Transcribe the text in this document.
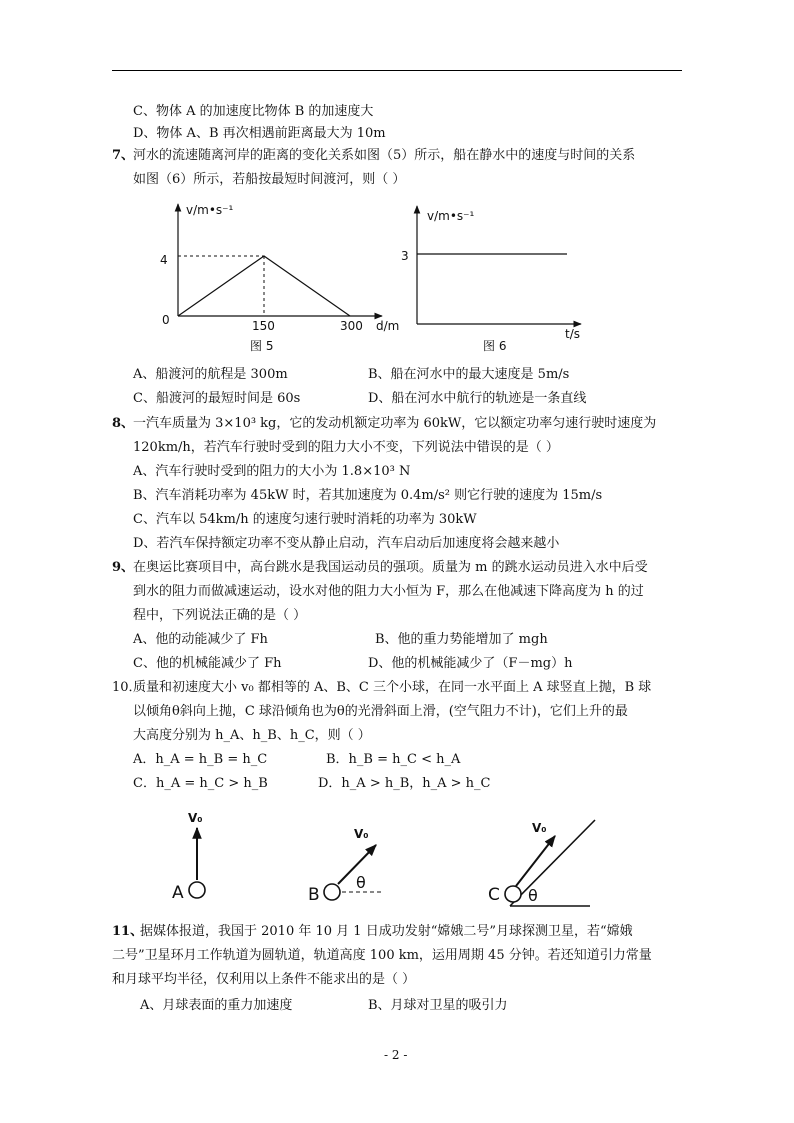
C、物体 A 的加速度比物体 B 的加速度大
D、物体 A、B 再次相遇前距离最大为 10m
7、
河水的流速随离河岸的距离的变化关系如图（5）所示，船在静水中的速度与时间的关系
如图（6）所示，若船按最短时间渡河，则（ ）
v/m•s⁻¹
4
0	150	300 d/m
图 5
v/m•s⁻¹
3
t/s
图 6
A、船渡河的航程是 300m	B、船在河水中的最大速度是 5m/s
C、船渡河的最短时间是 60s	D、船在河水中航行的轨迹是一条直线
8、
一汽车质量为 3×10³ kg，它的发动机额定功率为 60kW，它以额定功率匀速行驶时速度为
120km/h，若汽车行驶时受到的阻力大小不变，下列说法中错误的是（ ）
A、汽车行驶时受到的阻力的大小为 1.8×10³ N
B、汽车消耗功率为 45kW 时，若其加速度为 0.4m/s² 则它行驶的速度为 15m/s
C、汽车以 54km/h 的速度匀速行驶时消耗的功率为 30kW
D、若汽车保持额定功率不变从静止启动，汽车启动后加速度将会越来越小
9、
在奥运比赛项目中，高台跳水是我国运动员的强项。质量为 m 的跳水运动员进入水中后受
到水的阻力而做减速运动，设水对他的阻力大小恒为 F，那么在他减速下降高度为 h 的过
程中，下列说法正确的是（ ）
A、他的动能减少了 Fh	B、他的重力势能增加了 mgh
C、他的机械能减少了 Fh	D、他的机械能减少了（F－mg）h
10．
质量和初速度大小 v₀ 都相等的 A、B、C 三个小球，在同一水平面上 A 球竖直上抛，B 球
以倾角θ斜向上抛，C 球沿倾角也为θ的光滑斜面上滑，(空气阻力不计)，它们上升的最
大高度分别为 h_A、h_B、h_C，则（ ）
A．h_A = h_B = h_C	B．h_B = h_C < h_A
C．h_A = h_C > h_B	D．h_A > h_B，h_A > h_C
V₀
A
V₀
θ
B
V₀
θ
C
11、
据媒体报道，我国于 2010 年 10 月 1 日成功发射“嫦娥二号”月球探测卫星，若“嫦娥
二号”卫星环月工作轨道为圆轨道，轨道高度 100 km，运用周期 45 分钟。若还知道引力常量
和月球平均半径，仅利用以上条件不能求出的是（ ）
A、月球表面的重力加速度	B、月球对卫星的吸引力
- 2 -
